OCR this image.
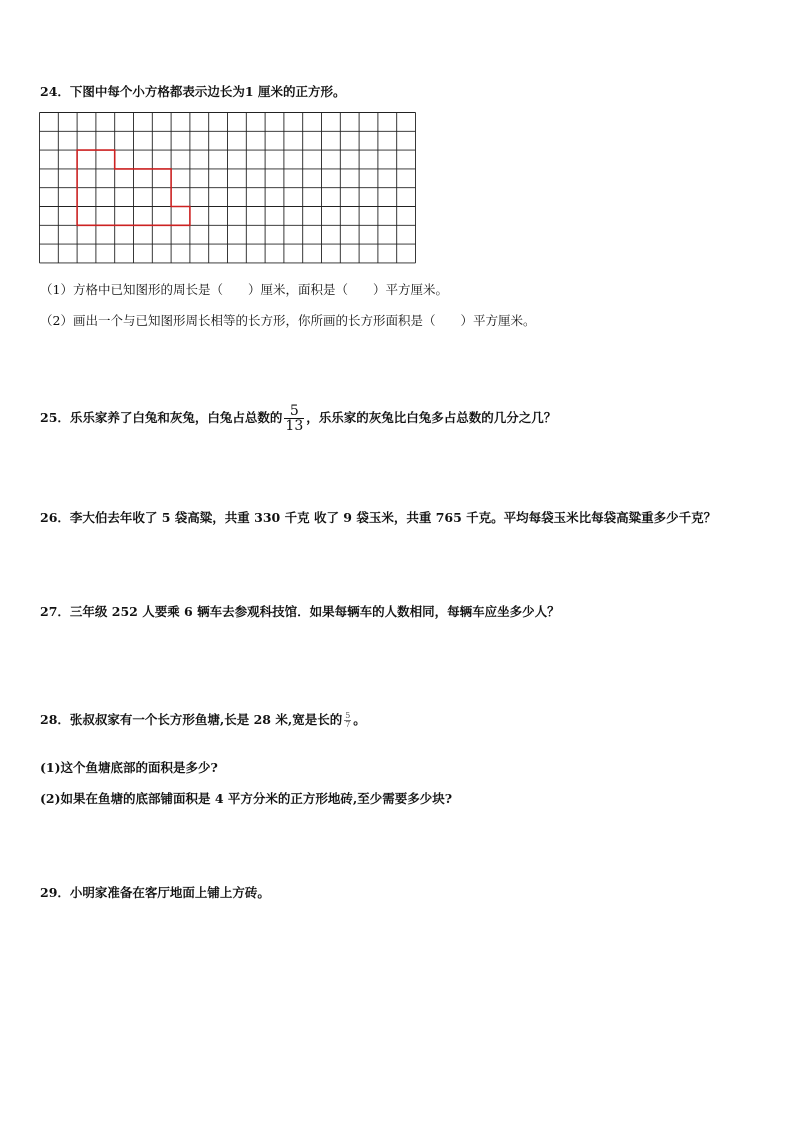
24．下图中每个小方格都表示边长为1 厘米的正方形。
（1）方格中已知图形的周长是（　　）厘米，面积是（　　）平方厘米。
（2）画出一个与已知图形周长相等的长方形，你所画的长方形面积是（　　）平方厘米。
25．乐乐家养了白兔和灰兔，白兔占总数的 $\frac{5}{13}$ ，乐乐家的灰兔比白兔多占总数的几分之几？
26．李大伯去年收了 5 袋高粱，共重 330 千克 收了 9 袋玉米，共重 765 千克。平均每袋玉米比每袋高粱重多少千克？
27．三年级 252 人要乘 6 辆车去参观科技馆．如果每辆车的人数相同，每辆车应坐多少人？
28．张叔叔家有一个长方形鱼塘,长是 28 米,宽是长的 $\frac{5}{7}$ 。
(1)这个鱼塘底部的面积是多少?
(2)如果在鱼塘的底部铺面积是 4 平方分米的正方形地砖,至少需要多少块?
29．小明家准备在客厅地面上铺上方砖。
